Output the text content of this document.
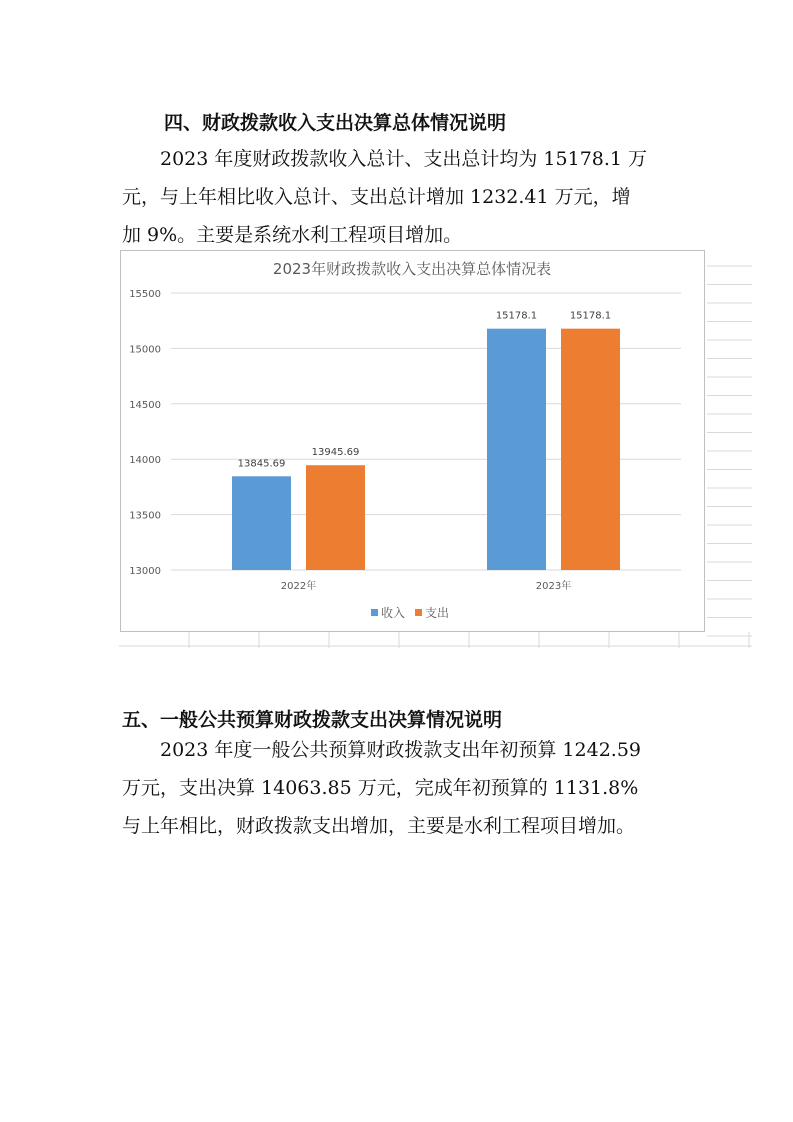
四、财政拨款收入支出决算总体情况说明
2023 年度财政拨款收入总计、支出总计均为 15178.1 万
元，与上年相比收入总计、支出总计增加 1232.41 万元，增
加 9%。主要是系统水利工程项目增加。
2023年财政拨款收入支出决算总体情况表
15500
15000
14500
14000
13500
13000
13845.69
13945.69
2022年
15178.1	15178.1
2023年
收入 支出
五、一般公共预算财政拨款支出决算情况说明
2023 年度一般公共预算财政拨款支出年初预算 1242.59
万元，支出决算 14063.85 万元，完成年初预算的 1131.8%
与上年相比，财政拨款支出增加，主要是水利工程项目增加。
